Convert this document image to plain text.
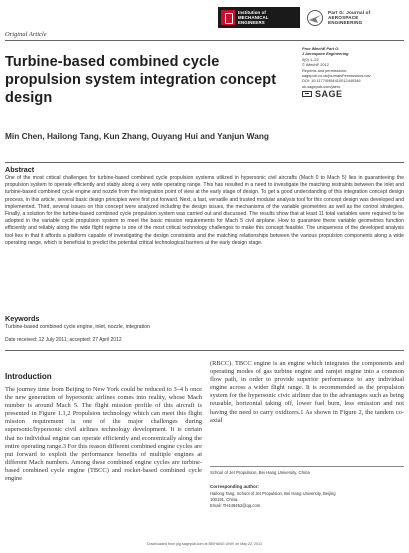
Institution of
MECHANICAL
ENGINEERS
Part G: Journal of
AEROSPACE
ENGINEERING
Original Article
Turbine-based combined cycle propulsion system integration concept design
Min Chen, Hailong Tang, Kun Zhang, Ouyang Hui and Yanjun Wang
Proc IMechE Part G:
J Aerospace Engineering
0(0) 1–22
© IMechE 2012
Reprints and permissions:
sagepub.co.uk/journalsPermissions.nav
DOI: 10.1177/0954410012449346
uk.sagepub.com/jaero
SAGE
Abstract

One of the most critical challenges for turbine-based combined cycle propulsion systems utilized in hypersonic civil aircrafts (Mach 0 to Mach 5) lies in guaranteeing the propulsion system to operate efficiently and stably along a very wide operating range. This has resulted in a need to investigate the matching restraints between the inlet and turbine-based combined cycle engine and nozzle from the integration point of view at the early stage of design. To get a good understanding of this integration concept design process, in this article, several basic design principles were first put forward. Next, a fast, versatile and trusted modular analysis tool for this concept design was developed and implemented. Third, several issues on this concept were analyzed including the design issues, the mechanisms of the variable geometries as well as the control strategies. Finally, a solution for the turbine-based combined cycle propulsion system was carried out and discussed. The results show that at least 11 total variables were required to be adopted in the variable cycle propulsion system to meet the basic mission requirements for Mach 5 civil airplane. How to guarantee these variable geometries function efficiently and reliably along the wide flight regime is one of the most critical technology challenges to make this concept feasible. The uniqueness of the developed analysis tool lies in that it affords a platform capable of investigating the design constraints and the matching relationships between the various propulsion components along a wide operating range, which is beneficial to predict the potential critical technological barriers at the early design stage.

Keywords
Turbine-based combined cycle engine, inlet, nozzle, integration
Date received: 12 July 2011; accepted: 27 April 2012
Introduction

The journey time from Beijing to New York could be reduced to 3–4 h once the new generation of hypersonic airlines comes into reality, whose Mach number is around Mach 5. The flight mission profile of this aircraft is presented in Figure 1.1,2 Propulsion technology which can meet this flight mission requirement is one of the major challenges during supersonic/hypersonic civil airlines technology development. It is certain that no individual engine can operate efficiently and economically along the entire operating range.3 For this reason different combined engine cycles are put forward to exploit the performance benefits of multiple engines at different Mach numbers. Among these combined engine cycles are turbine-based combined cycle engine (TBCC) and rocket-based combined cycle engine

(RBCC). TBCC engine is an engine which integrates the components and operating modes of gas turbine engine and ramjet engine into a common flow path, in order to provide superior performance to any individual engine across a wider flight range. It is recommended as the propulsion system for the hypersonic civic airliner due to the advantages such as being reusable, horizontal taking off, lower fuel burn, less emission and not having the need to carry oxidizers.1 As shown in Figure 2, the tandem co-axial

School of Jet Propulsion, Bei Hang University, China
Corresponding author:
Hailong Tang, School of Jet Propulsion, Bei Hang University, Beijing
100191, China.
Email: TH449452@qq.com
Downloaded from pig.sagepub.com at BEIHANG UNIV on May 22, 2013
